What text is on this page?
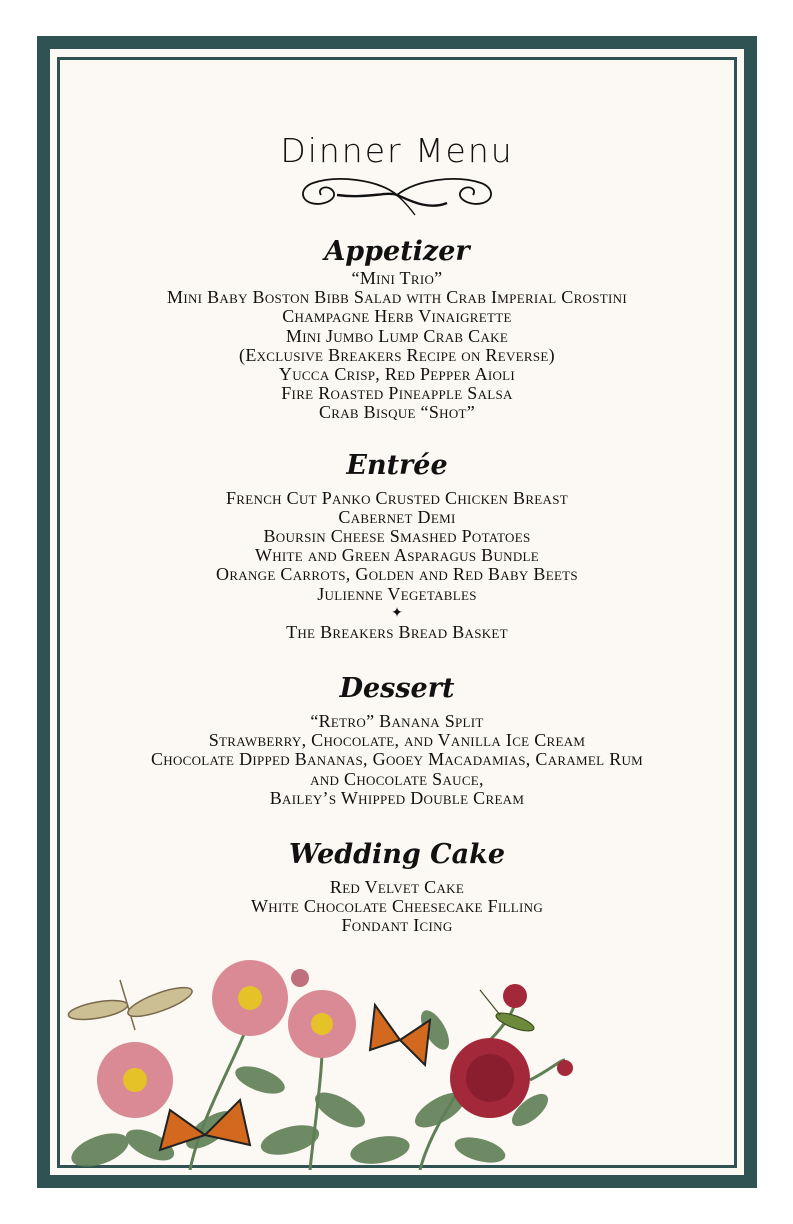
Dinner Menu
Appetizer
“Mini Trio”
Mini Baby Boston Bibb Salad with Crab Imperial Crostini
Champagne Herb Vinaigrette
Mini Jumbo Lump Crab Cake
(Exclusive Breakers Recipe on Reverse)
Yucca Crisp, Red Pepper Aioli
Fire Roasted Pineapple Salsa
Crab Bisque “Shot”
Entrée
French Cut Panko Crusted Chicken Breast
Cabernet Demi
Boursin Cheese Smashed Potatoes
White and Green Asparagus Bundle
Orange Carrots, Golden and Red Baby Beets
Julienne Vegetables
✦
The Breakers Bread Basket
Dessert
“Retro” Banana Split
Strawberry, Chocolate, and Vanilla Ice Cream
Chocolate Dipped Bananas, Gooey Macadamias, Caramel Rum
and Chocolate Sauce,
Bailey’s Whipped Double Cream
Wedding Cake
Red Velvet Cake
White Chocolate Cheesecake Filling
Fondant Icing
